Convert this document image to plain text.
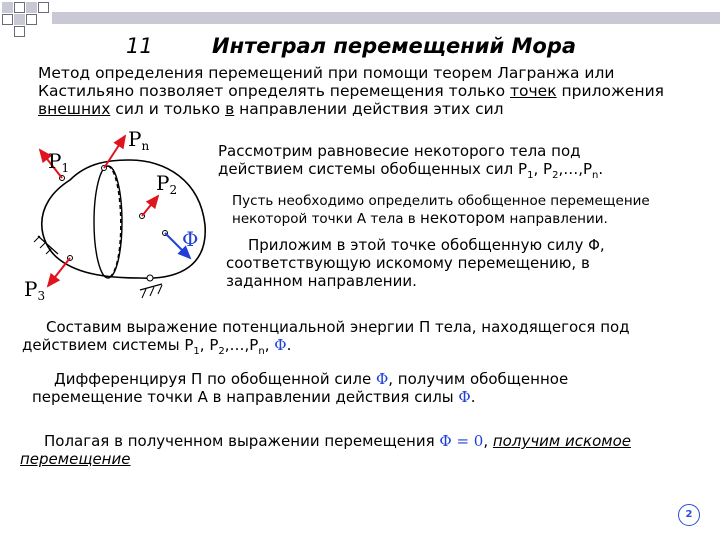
11	Интеграл перемещений Мора
Метод определения перемещений при помощи теорем Лагранжа или Кастильяно позволяет определять перемещения только точек приложения внешних сил и только в направлении действия этих сил
$P_1$
$P_n$
$P_2$
Φ
$P_3$
Рассмотрим равновесие некоторого тела под
действием системы обобщенных сил $P_1$, $P_2,\dots,P_n$.
Пусть необходимо определить обобщенное перемещение
некоторой точки А тела в некотором направлении.
Приложим в этой точке обобщенную силу Φ,
соответствующую искомому перемещению, в
заданном направлении.
Составим выражение потенциальной энергии П тела, находящегося под
действием системы $P_1$, $P_2,\dots,P_n$, Φ.
Дифференцируя П по обобщенной силе Φ, получим обобщенное
перемещение точки А в направлении действия силы Φ.
Полагая в полученном выражении перемещения Φ = 0, получим искомое
перемещение
2
